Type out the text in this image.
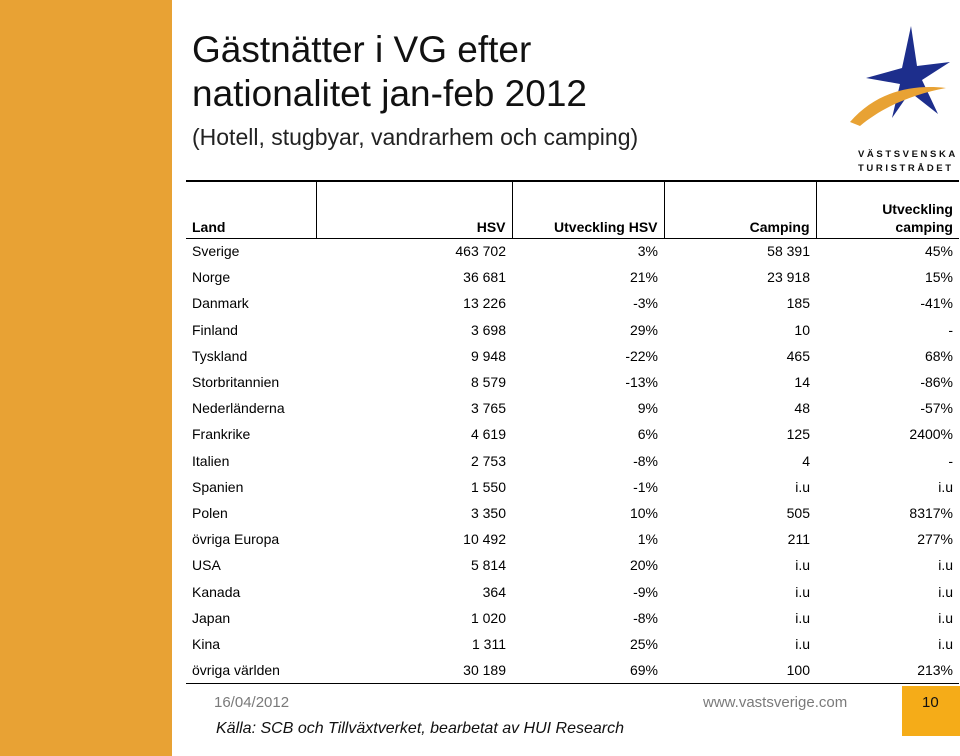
Gästnätter i VG efter
nationalitet jan-feb 2012
(Hotell, stugbyar, vandrarhem och camping)
VÄSTSVENSKA
TURISTRÅDET
Land	HSV	Utveckling HSV	Camping	Utveckling camping
Sverige	463 702	3%	58 391	45%
Norge	36 681	21%	23 918	15%
Danmark	13 226	-3%	185	-41%
Finland	3 698	29%	10	-
Tyskland	9 948	-22%	465	68%
Storbritannien	8 579	-13%	14	-86%
Nederländerna	3 765	9%	48	-57%
Frankrike	4 619	6%	125	2400%
Italien	2 753	-8%	4	-
Spanien	1 550	-1%	i.u	i.u
Polen	3 350	10%	505	8317%
övriga Europa	10 492	1%	211	277%
USA	5 814	20%	i.u	i.u
Kanada	364	-9%	i.u	i.u
Japan	1 020	-8%	i.u	i.u
Kina	1 311	25%	i.u	i.u
övriga världen	30 189	69%	100	213%
16/04/2012
Källa: SCB och Tillväxtverket, bearbetat av HUI Research
www.vastsverige.com	10
